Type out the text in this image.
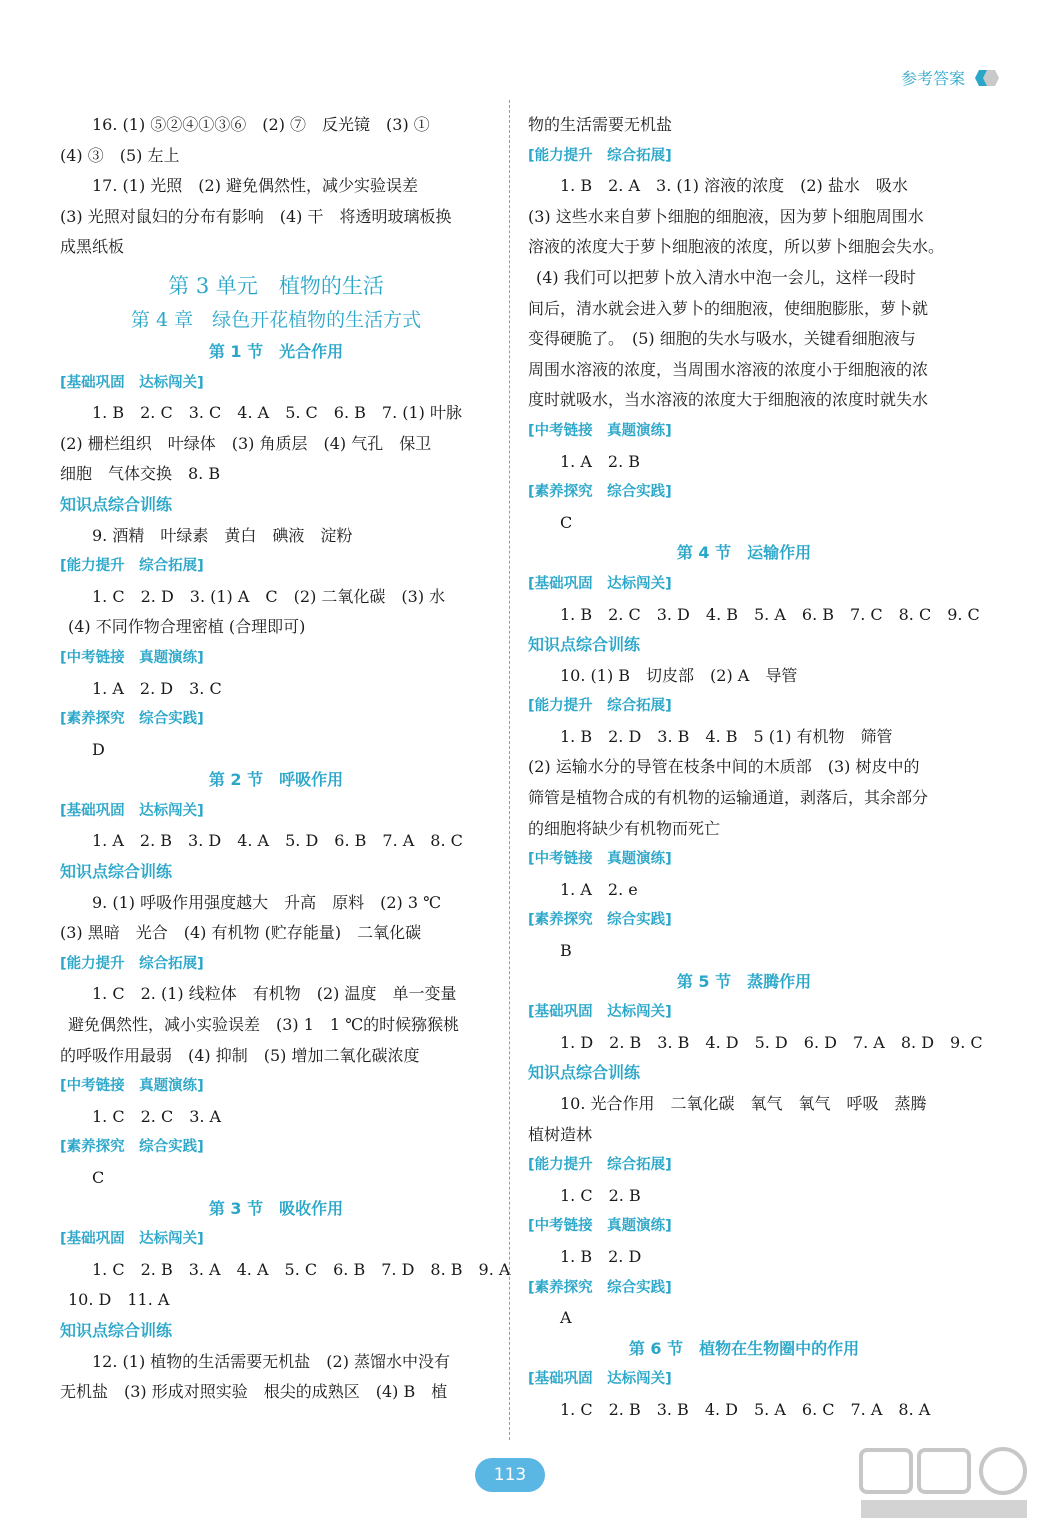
参考答案
16. (1) ⑤②④①③⑥　(2) ⑦　反光镜　(3) ①
(4) ③　(5) 左上
17. (1) 光照　(2) 避免偶然性，减少实验误差
(3) 光照对鼠妇的分布有影响　(4) 干　将透明玻璃板换
成黑纸板
第 3 单元　植物的生活
第 4 章　绿色开花植物的生活方式
第 1 节　光合作用
[基础巩固　达标闯关]
1. B　2. C　3. C　4. A　5. C　6. B　7. (1) 叶脉
(2) 栅栏组织　叶绿体　(3) 角质层　(4) 气孔　保卫
细胞　气体交换　8. B
知识点综合训练
9. 酒精　叶绿素　黄白　碘液　淀粉
[能力提升　综合拓展]
1. C　2. D　3. (1) A　C　(2) 二氧化碳　(3) 水
(4) 不同作物合理密植 (合理即可)
[中考链接　真题演练]
1. A　2. D　3. C
[素养探究　综合实践]
D
第 2 节　呼吸作用
[基础巩固　达标闯关]
1. A　2. B　3. D　4. A　5. D　6. B　7. A　8. C
知识点综合训练
9. (1) 呼吸作用强度越大　升高　原料　(2) 3 ℃
(3) 黑暗　光合　(4) 有机物 (贮存能量)　二氧化碳
[能力提升　综合拓展]
1. C　2. (1) 线粒体　有机物　(2) 温度　单一变量
避免偶然性，减小实验误差　(3) 1　1 ℃的时候猕猴桃
的呼吸作用最弱　(4) 抑制　(5) 增加二氧化碳浓度
[中考链接　真题演练]
1. C　2. C　3. A
[素养探究　综合实践]
C
第 3 节　吸收作用
[基础巩固　达标闯关]
1. C　2. B　3. A　4. A　5. C　6. B　7. D　8. B　9. A
10. D　11. A
知识点综合训练
12. (1) 植物的生活需要无机盐　(2) 蒸馏水中没有
无机盐　(3) 形成对照实验　根尖的成熟区　(4) B　植
物的生活需要无机盐
[能力提升　综合拓展]
1. B　2. A　3. (1) 溶液的浓度　(2) 盐水　吸水
(3) 这些水来自萝卜细胞的细胞液，因为萝卜细胞周围水
溶液的浓度大于萝卜细胞液的浓度，所以萝卜细胞会失水。
(4) 我们可以把萝卜放入清水中泡一会儿，这样一段时
间后，清水就会进入萝卜的细胞液，使细胞膨胀，萝卜就
变得硬脆了。　(5) 细胞的失水与吸水，关键看细胞液与
周围水溶液的浓度，当周围水溶液的浓度小于细胞液的浓
度时就吸水，当水溶液的浓度大于细胞液的浓度时就失水
[中考链接　真题演练]
1. A　2. B
[素养探究　综合实践]
C
第 4 节　运输作用
[基础巩固　达标闯关]
1. B　2. C　3. D　4. B　5. A　6. B　7. C　8. C　9. C
知识点综合训练
10. (1) B　切皮部　(2) A　导管
[能力提升　综合拓展]
1. B　2. D　3. B　4. B　5 (1) 有机物　筛管
(2) 运输水分的导管在枝条中间的木质部　(3) 树皮中的
筛管是植物合成的有机物的运输通道，剥落后，其余部分
的细胞将缺少有机物而死亡
[中考链接　真题演练]
1. A　2. e
[素养探究　综合实践]
B
第 5 节　蒸腾作用
[基础巩固　达标闯关]
1. D　2. B　3. B　4. D　5. D　6. D　7. A　8. D　9. C
知识点综合训练
10. 光合作用　二氧化碳　氧气　氧气　呼吸　蒸腾
植树造林
[能力提升　综合拓展]
1. C　2. B
[中考链接　真题演练]
1. B　2. D
[素养探究　综合实践]
A
第 6 节　植物在生物圈中的作用
[基础巩固　达标闯关]
1. C　2. B　3. B　4. D　5. A　6. C　7. A　8. A
113
